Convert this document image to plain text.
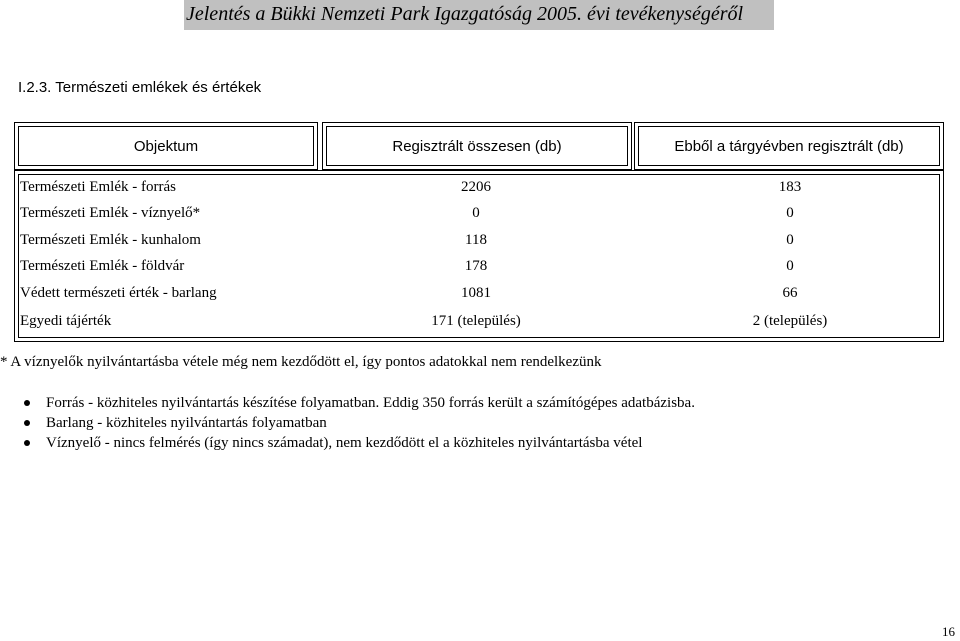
Jelentés a Bükki Nemzeti Park Igazgatóság 2005. évi tevékenységéről
I.2.3. Természeti emlékek és értékek
Objektum	Regisztrált összesen (db)	Ebből a tárgyévben regisztrált (db)
Természeti Emlék - forrás	2206	183
Természeti Emlék - víznyelő*	0	0
Természeti Emlék - kunhalom	118	0
Természeti Emlék - földvár	178	0
Védett természeti érték - barlang	1081	66
Egyedi tájérték	171 (település)	2 (település)
* A víznyelők nyilvántartásba vétele még nem kezdődött el, így pontos adatokkal nem rendelkezünk
Forrás - közhiteles nyilvántartás készítése folyamatban. Eddig 350 forrás került a számítógépes adatbázisba.
Barlang - közhiteles nyilvántartás folyamatban
Víznyelő - nincs felmérés (így nincs számadat), nem kezdődött el a közhiteles nyilvántartásba vétel
16
